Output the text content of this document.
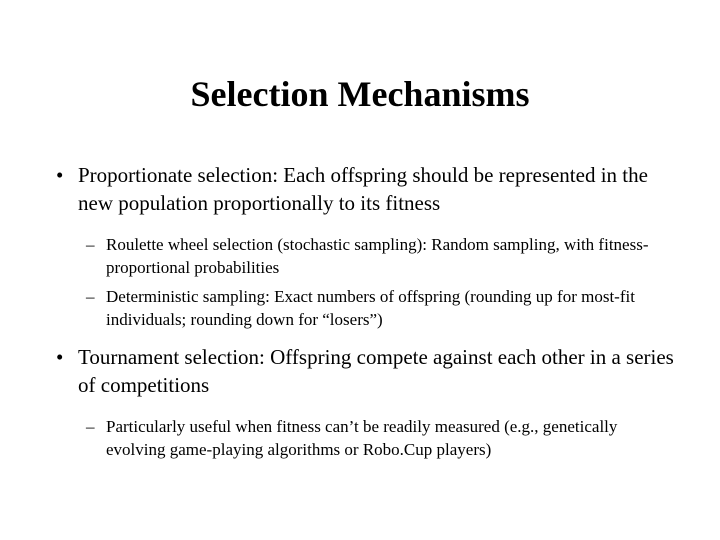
Selection Mechanisms
• Proportionate selection: Each offspring should be represented in the new population proportionally to its fitness
– Roulette wheel selection (stochastic sampling): Random sampling, with fitness-proportional probabilities
– Deterministic sampling: Exact numbers of offspring (rounding up for most-fit individuals; rounding down for “losers”)
• Tournament selection: Offspring compete against each other in a series of competitions
– Particularly useful when fitness can’t be readily measured (e.g., genetically evolving game-playing algorithms or Robo.Cup players)
